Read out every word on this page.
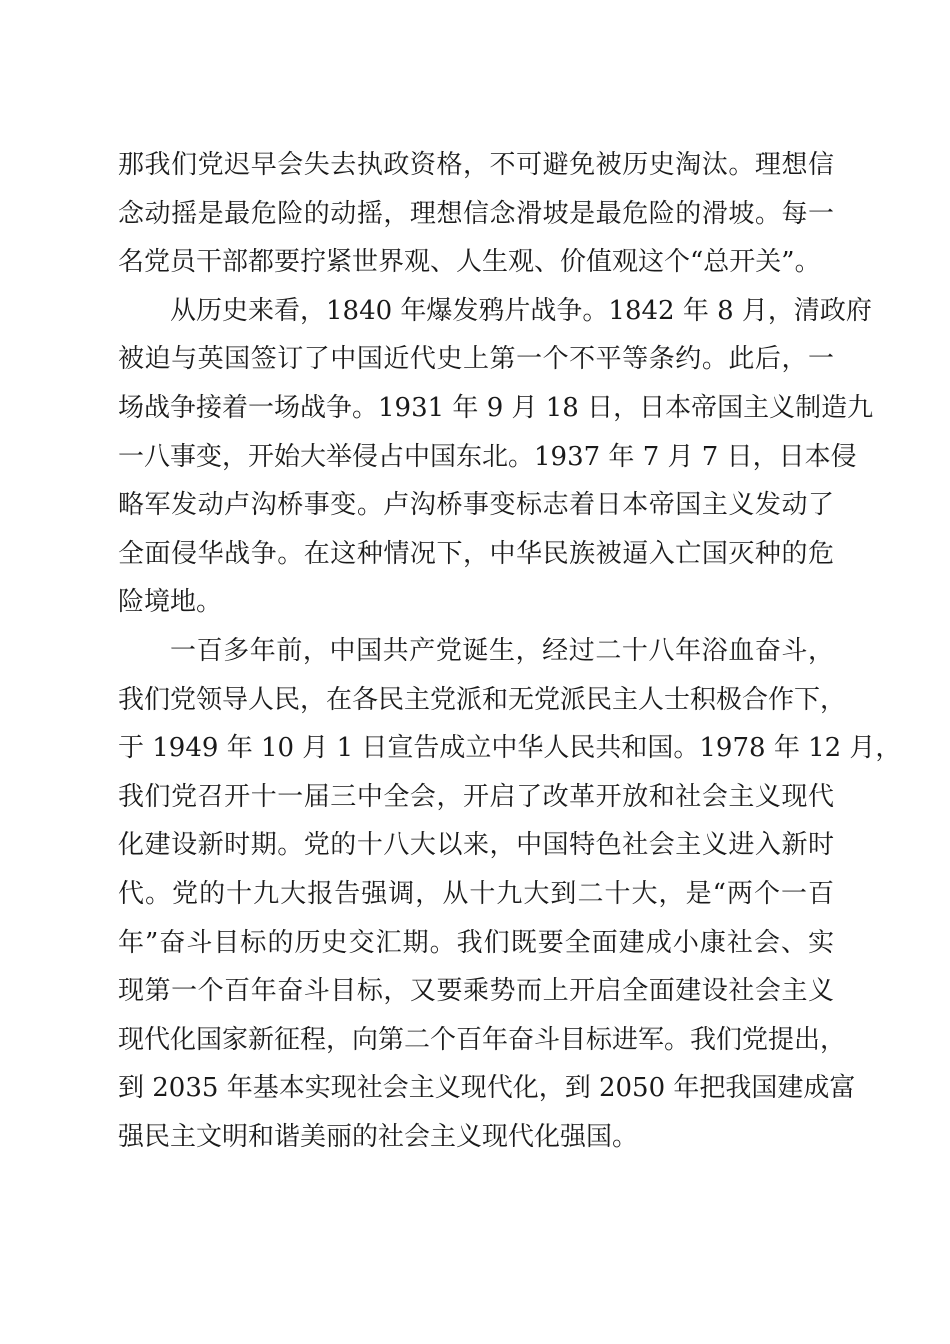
那我们党迟早会失去执政资格，不可避免被历史淘汰。理想信
念动摇是最危险的动摇，理想信念滑坡是最危险的滑坡。每一
名党员干部都要拧紧世界观、人生观、价值观这个“总开关”。
从历史来看，1840 年爆发鸦片战争。1842 年 8 月，清政府
被迫与英国签订了中国近代史上第一个不平等条约。此后，一
场战争接着一场战争。1931 年 9 月 18 日，日本帝国主义制造九
一八事变，开始大举侵占中国东北。1937 年 7 月 7 日，日本侵
略军发动卢沟桥事变。卢沟桥事变标志着日本帝国主义发动了
全面侵华战争。在这种情况下，中华民族被逼入亡国灭种的危
险境地。
一百多年前，中国共产党诞生，经过二十八年浴血奋斗，
我们党领导人民，在各民主党派和无党派民主人士积极合作下，
于 1949 年 10 月 1 日宣告成立中华人民共和国。1978 年 12 月，
我们党召开十一届三中全会，开启了改革开放和社会主义现代
化建设新时期。党的十八大以来，中国特色社会主义进入新时
代。党的十九大报告强调，从十九大到二十大，是“两个一百
年”奋斗目标的历史交汇期。我们既要全面建成小康社会、实
现第一个百年奋斗目标，又要乘势而上开启全面建设社会主义
现代化国家新征程，向第二个百年奋斗目标进军。我们党提出，
到 2035 年基本实现社会主义现代化，到 2050 年把我国建成富
强民主文明和谐美丽的社会主义现代化强国。
